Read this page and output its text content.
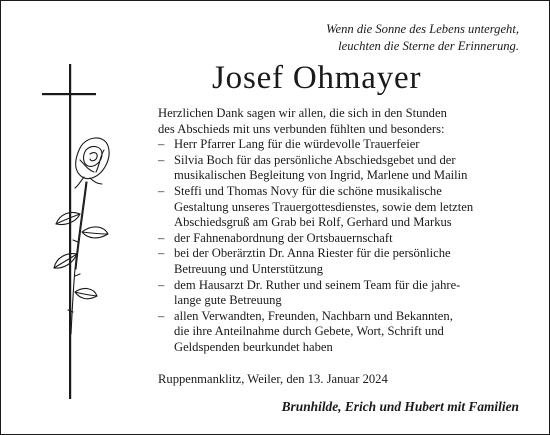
Wenn die Sonne des Lebens untergeht,
leuchten die Sterne der Erinnerung.
Josef Ohmayer
Herzlichen Dank sagen wir allen, die sich in den Stunden
des Abschieds mit uns verbunden fühlten und besonders:
– Herr Pfarrer Lang für die würdevolle Trauerfeier
– Silvia Boch für das persönliche Abschiedsgebet und der
musikalischen Begleitung von Ingrid, Marlene und Mailin
– Steffi und Thomas Novy für die schöne musikalische
Gestaltung unseres Trauergottesdienstes, sowie dem letzten
Abschiedsgruß am Grab bei Rolf, Gerhard und Markus
– der Fahnenabordnung der Ortsbauernschaft
– bei der Oberärztin Dr. Anna Riester für die persönliche
Betreuung und Unterstützung
– dem Hausarzt Dr. Ruther und seinem Team für die jahre-
lange gute Betreuung
– allen Verwandten, Freunden, Nachbarn und Bekannten,
die ihre Anteilnahme durch Gebete, Wort, Schrift und
Geldspenden beurkundet haben
Ruppenmanklitz, Weiler, den 13. Januar 2024
Brunhilde, Erich und Hubert mit Familien
